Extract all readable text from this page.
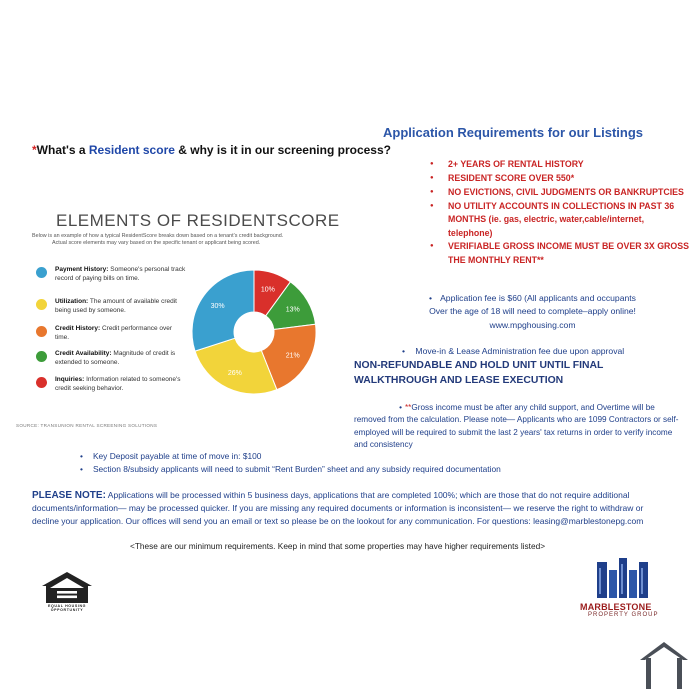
*What's a Resident score & why is it in our screening process?
ELEMENTS OF RESIDENTSCORE
Below is an example of how a typical ResidentScore breaks down based on a tenant's credit background.
Actual score elements may vary based on the specific tenant or applicant being scored.
Payment History: Someone's personal track record of paying bills on time.
Utilization: The amount of available credit being used by someone.
Credit History: Credit performance over time.
Credit Availability: Magnitude of credit is extended to someone.
Inquiries: Information related to someone's credit seeking behavior.
10%
13%
21%
26%
30%
SOURCE: TRANSUNION RENTAL SCREENING SOLUTIONS
Application Requirements for our Listings
● 2+ YEARS OF RENTAL HISTORY
● RESIDENT SCORE OVER 550*
● NO EVICTIONS, CIVIL JUDGMENTS OR BANKRUPTCIES
● NO UTILITY ACCOUNTS IN COLLECTIONS IN PAST 36 MONTHS (ie. gas, electric, water,cable/internet, telephone)
● VERIFIABLE GROSS INCOME MUST BE OVER 3X GROSS THE MONTHLY RENT**
• Application fee is $60 (All applicants and occupants
Over the age of 18 will need to complete–apply online!
www.mpghousing.com
• Move-in & Lease Administration fee due upon approval
NON-REFUNDABLE AND HOLD UNIT UNTIL FINAL WALKTHROUGH AND LEASE EXECUTION
• **Gross income must be after any child support, and Overtime will be removed from the calculation. Please note— Applicants who are 1099 Contractors or self-employed will be required to submit the last 2 years' tax returns in order to verify income and consistency
• Key Deposit payable at time of move in: $100
• Section 8/subsidy applicants will need to submit “Rent Burden” sheet and any subsidy required documentation
PLEASE NOTE: Applications will be processed within 5 business days, applications that are completed 100%; which are those that do not require additional documents/information— may be processed quicker. If you are missing any required documents or information is inconsistent— we reserve the right to withdraw or decline your application. Our offices will send you an email or text so please be on the lookout for any communication. For questions: leasing@marblestonepg.com
<These are our minimum requirements. Keep in mind that some properties may have higher requirements listed>
EQUAL HOUSING OPPORTUNITY	MARBLESTONE
PROPERTY GROUP
